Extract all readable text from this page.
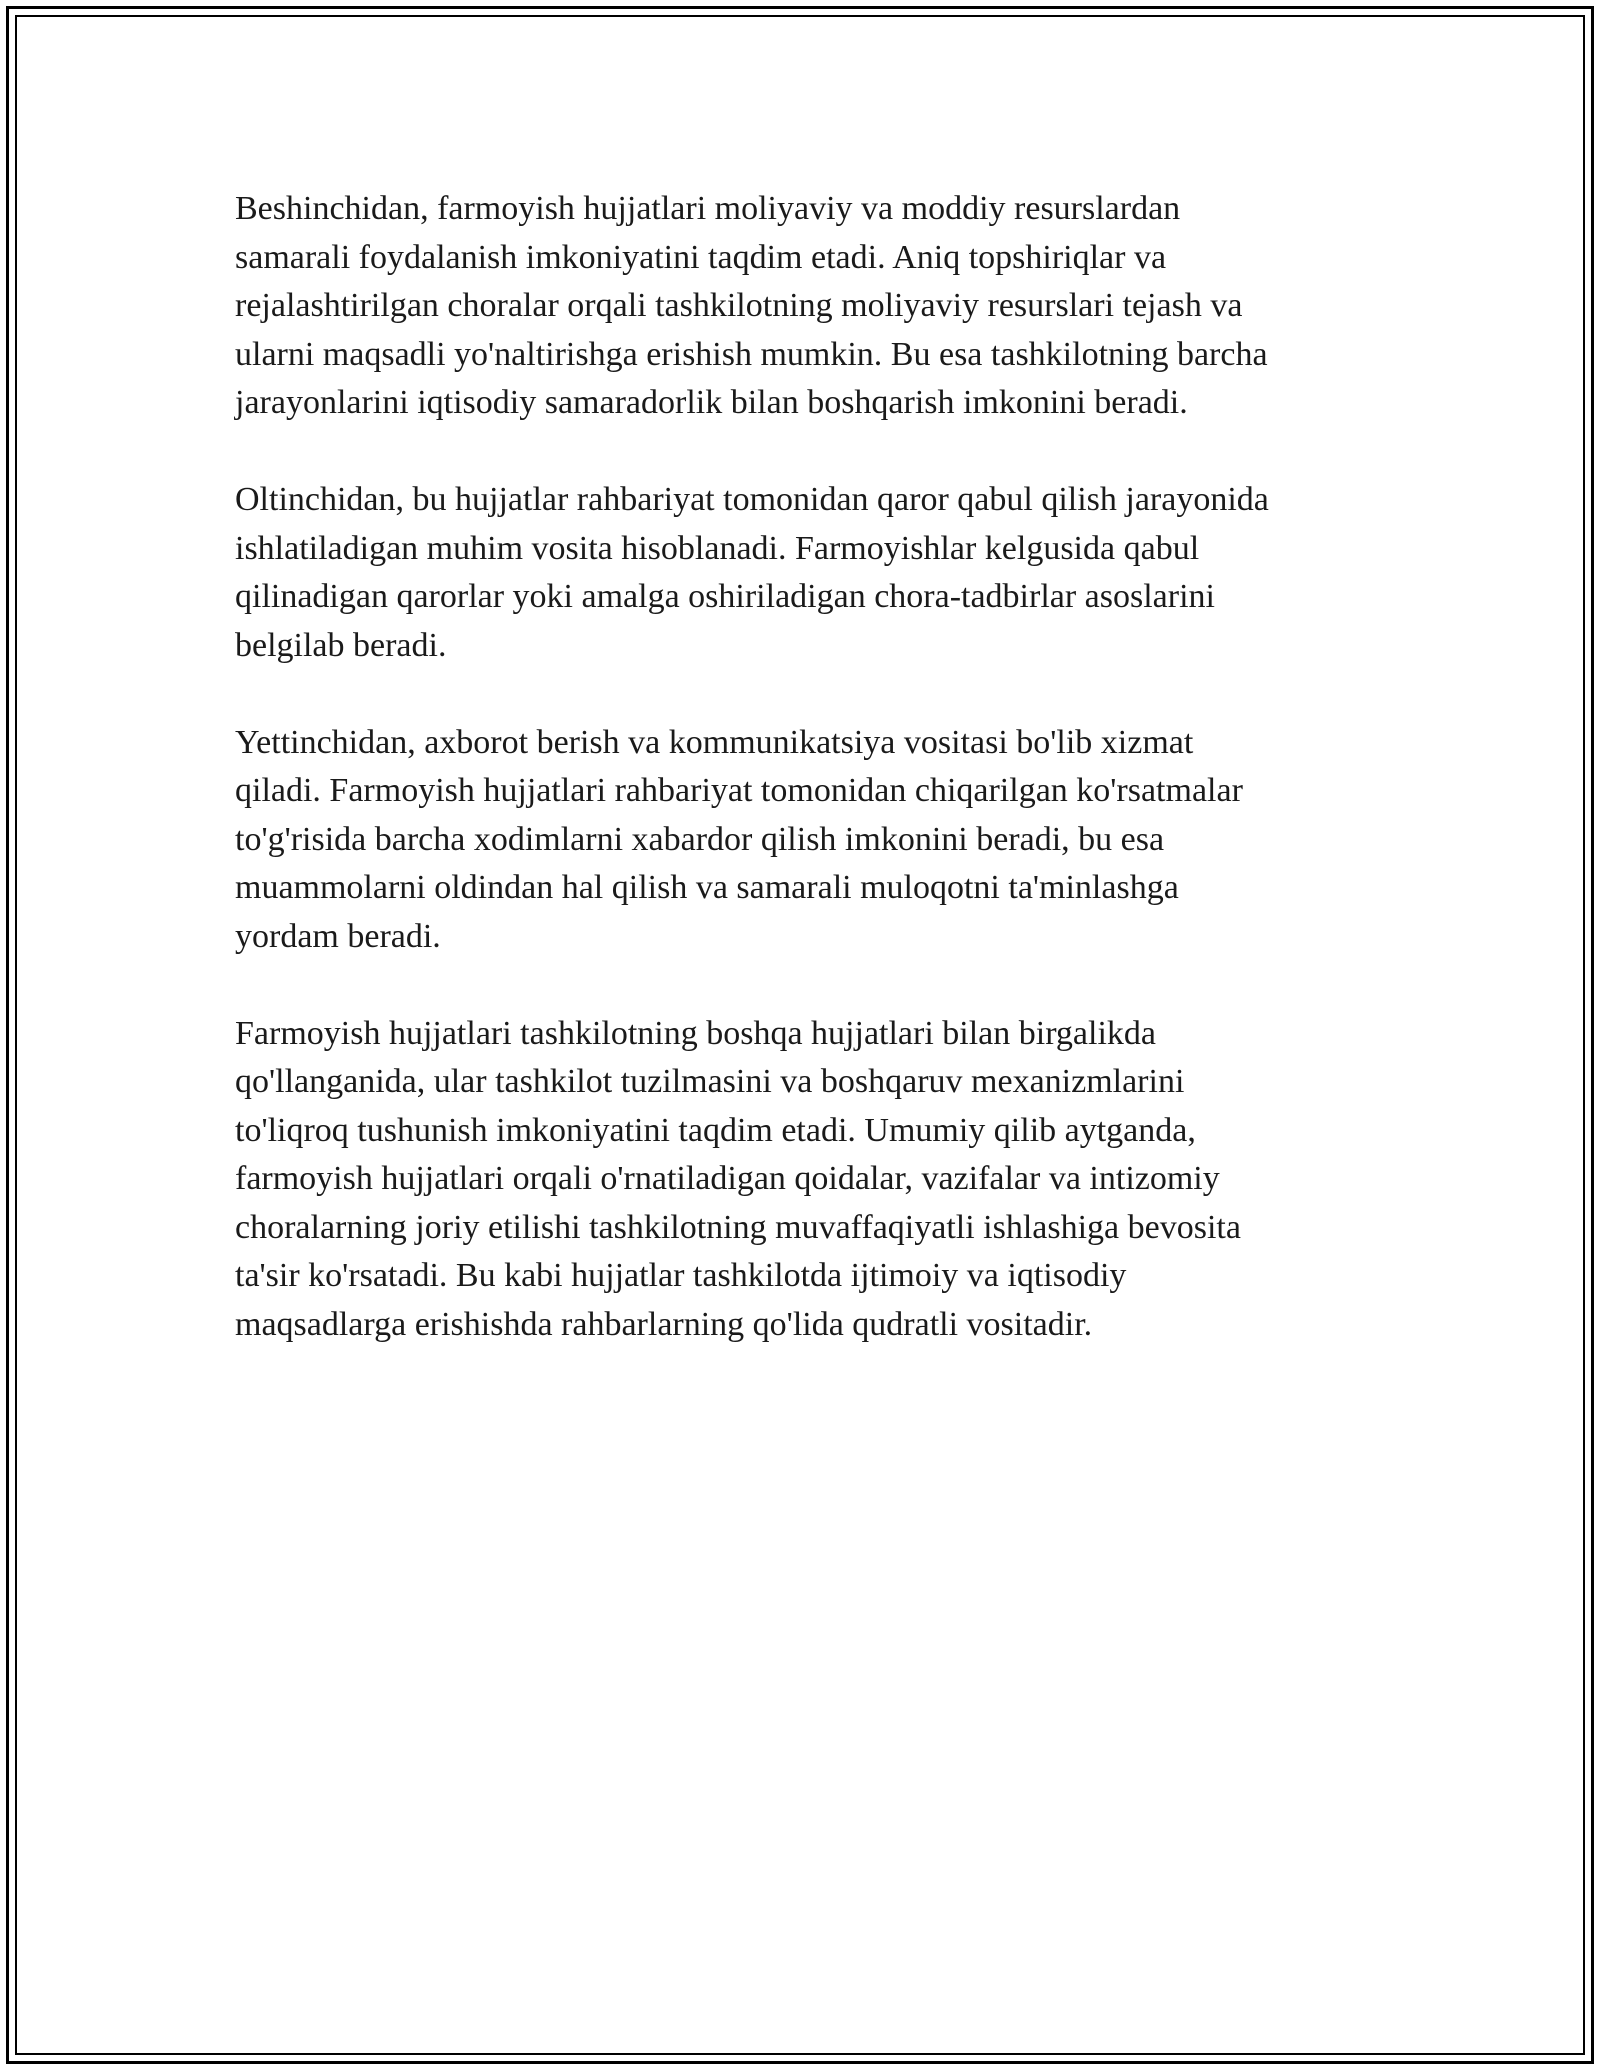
Beshinchidan, farmoyish hujjatlari moliyaviy va moddiy resurslardan
samarali foydalanish imkoniyatini taqdim etadi. Aniq topshiriqlar va
rejalashtirilgan choralar orqali tashkilotning moliyaviy resurslari tejash va
ularni maqsadli yo'naltirishga erishish mumkin. Bu esa tashkilotning barcha
jarayonlarini iqtisodiy samaradorlik bilan boshqarish imkonini beradi.

Oltinchidan, bu hujjatlar rahbariyat tomonidan qaror qabul qilish jarayonida
ishlatiladigan muhim vosita hisoblanadi. Farmoyishlar kelgusida qabul
qilinadigan qarorlar yoki amalga oshiriladigan chora-tadbirlar asoslarini
belgilab beradi.

Yettinchidan, axborot berish va kommunikatsiya vositasi bo'lib xizmat
qiladi. Farmoyish hujjatlari rahbariyat tomonidan chiqarilgan ko'rsatmalar
to'g'risida barcha xodimlarni xabardor qilish imkonini beradi, bu esa
muammolarni oldindan hal qilish va samarali muloqotni ta'minlashga
yordam beradi.

Farmoyish hujjatlari tashkilotning boshqa hujjatlari bilan birgalikda
qo'llanganida, ular tashkilot tuzilmasini va boshqaruv mexanizmlarini
to'liqroq tushunish imkoniyatini taqdim etadi. Umumiy qilib aytganda,
farmoyish hujjatlari orqali o'rnatiladigan qoidalar, vazifalar va intizomiy
choralarning joriy etilishi tashkilotning muvaffaqiyatli ishlashiga bevosita
ta'sir ko'rsatadi. Bu kabi hujjatlar tashkilotda ijtimoiy va iqtisodiy
maqsadlarga erishishda rahbarlarning qo'lida qudratli vositadir.
